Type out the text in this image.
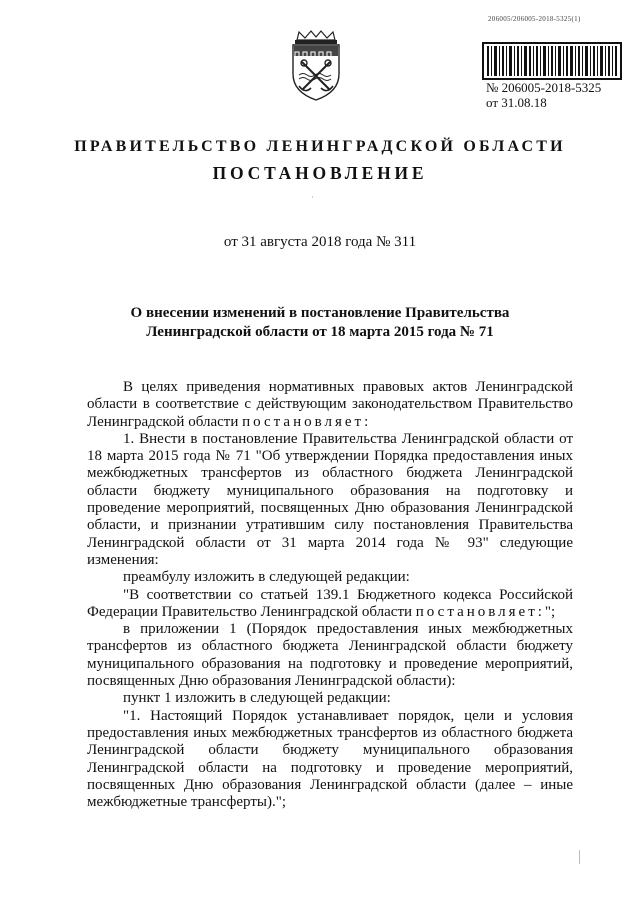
206005/206005-2018-5325(1)
№ 206005-2018-5325
от 31.08.18
ПРАВИТЕЛЬСТВО ЛЕНИНГРАДСКОЙ ОБЛАСТИ
ПОСТАНОВЛЕНИЕ
·
от 31 августа 2018 года № 311
О внесении изменений в постановление Правительства
Ленинградской области от 18 марта 2015 года № 71

В целях приведения нормативных правовых актов Ленинградской области в соответствие с действующим законодательством Правительство Ленинградской области постановляет:

1. Внести в постановление Правительства Ленинградской области от 18 марта 2015 года № 71 "Об утверждении Порядка предоставления иных межбюджетных трансфертов из областного бюджета Ленинградской области бюджету муниципального образования на подготовку и проведение мероприятий, посвященных Дню образования Ленинградской области, и признании утратившим силу постановления Правительства Ленинградской области от 31 марта 2014 года № 93" следующие изменения:

преамбулу изложить в следующей редакции:

"В соответствии со статьей 139.1 Бюджетного кодекса Российской Федерации Правительство Ленинградской области постановляет:";

в приложении 1 (Порядок предоставления иных межбюджетных трансфертов из областного бюджета Ленинградской области бюджету муниципального образования на подготовку и проведение мероприятий, посвященных Дню образования Ленинградской области):

пункт 1 изложить в следующей редакции:

"1. Настоящий Порядок устанавливает порядок, цели и условия предоставления иных межбюджетных трансфертов из областного бюджета Ленинградской области бюджету муниципального образования Ленинградской области на подготовку и проведение мероприятий, посвященных Дню образования Ленинградской области (далее – иные межбюджетные трансферты).";
